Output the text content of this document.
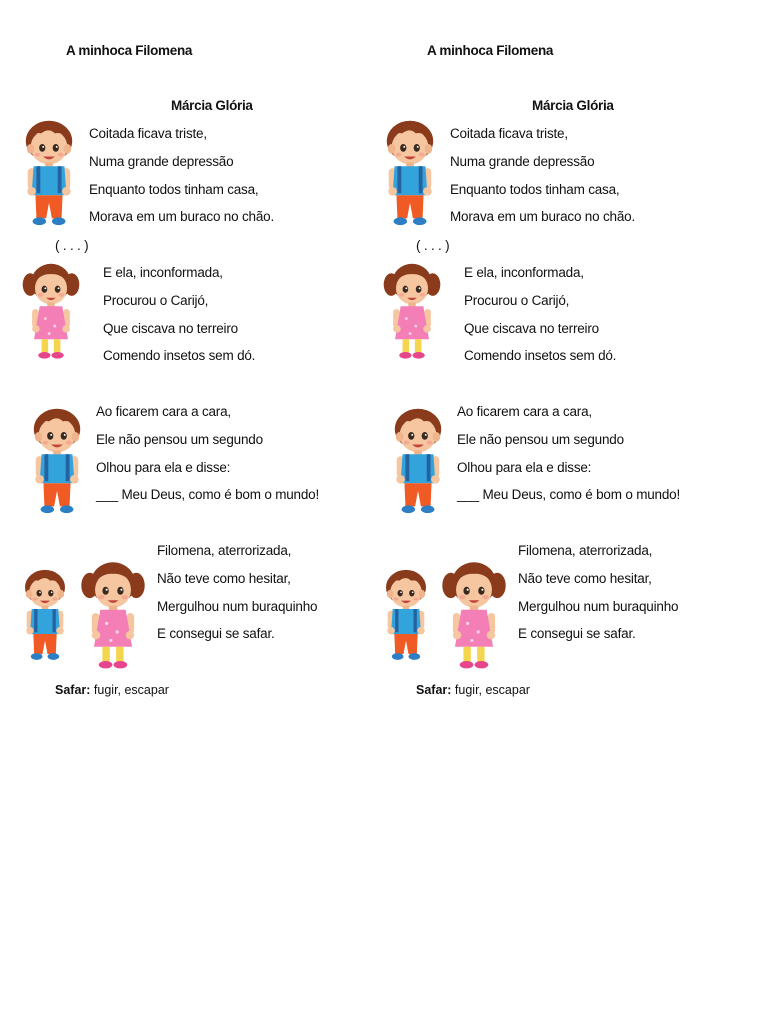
A minhoca Filomena
Márcia Glória
Coitada ficava triste,
Numa grande depressão
Enquanto todos tinham casa,
Morava em um buraco no chão.
( . . . )
E ela, inconformada,
Procurou o Carijó,
Que ciscava no terreiro
Comendo insetos sem dó.
Ao ficarem cara a cara,
Ele não pensou um segundo
Olhou para ela e disse:
___ Meu Deus, como é bom o mundo!
Filomena, aterrorizada,
Não teve como hesitar,
Mergulhou num buraquinho
E consegui se safar.
Safar: fugir, escapar
A minhoca Filomena
Márcia Glória
Coitada ficava triste,
Numa grande depressão
Enquanto todos tinham casa,
Morava em um buraco no chão.
( . . . )
E ela, inconformada,
Procurou o Carijó,
Que ciscava no terreiro
Comendo insetos sem dó.
Ao ficarem cara a cara,
Ele não pensou um segundo
Olhou para ela e disse:
___ Meu Deus, como é bom o mundo!
Filomena, aterrorizada,
Não teve como hesitar,
Mergulhou num buraquinho
E consegui se safar.
Safar: fugir, escapar
